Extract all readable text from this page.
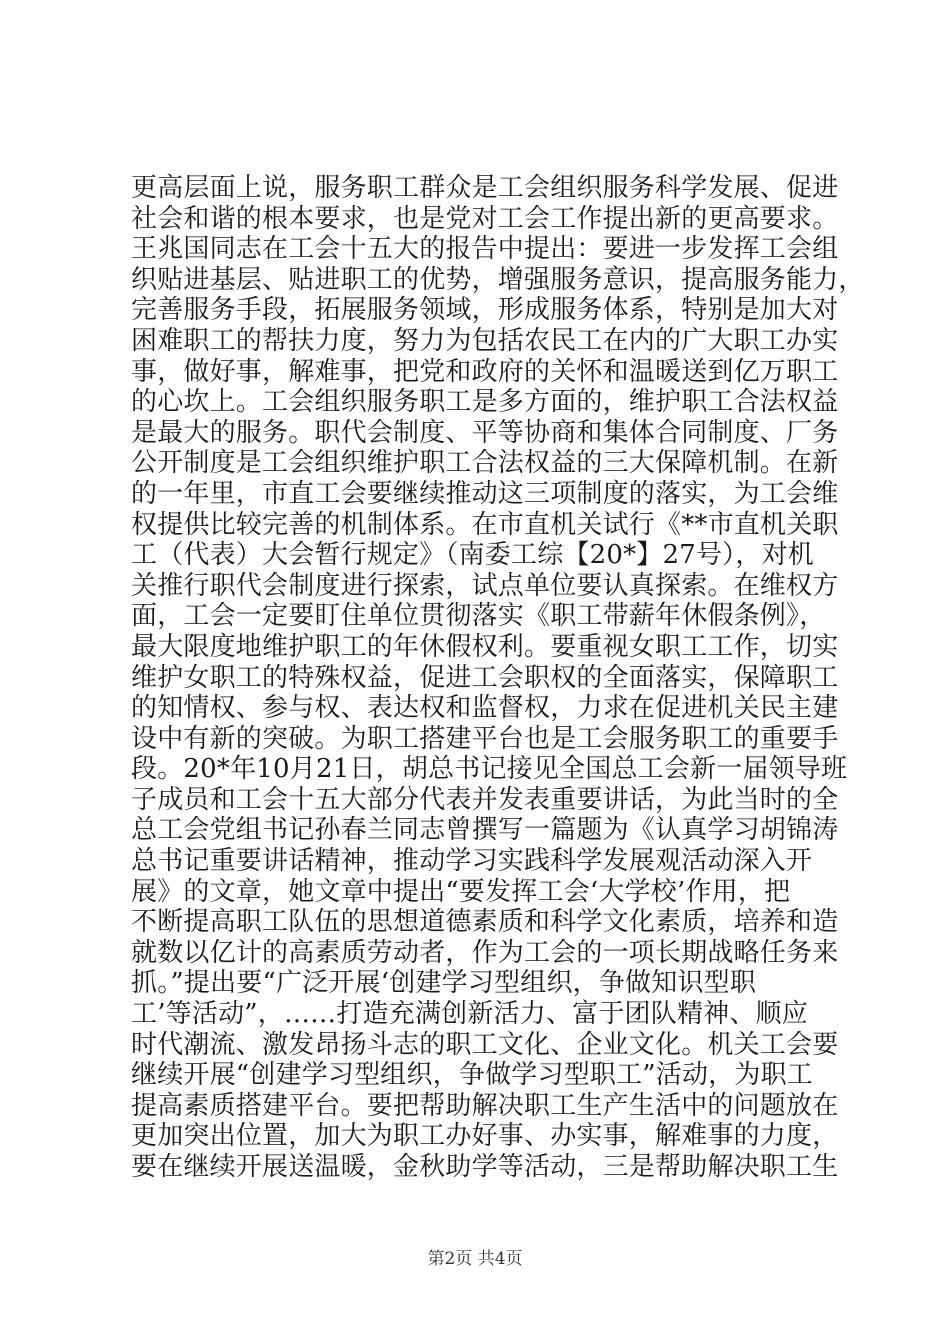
更高层面上说，服务职工群众是工会组织服务科学发展、促进
社会和谐的根本要求，也是党对工会工作提出新的更高要求。
王兆国同志在工会十五大的报告中提出：要进一步发挥工会组
织贴进基层、贴进职工的优势，增强服务意识，提高服务能力，
完善服务手段，拓展服务领域，形成服务体系，特别是加大对
困难职工的帮扶力度，努力为包括农民工在内的广大职工办实
事，做好事，解难事，把党和政府的关怀和温暖送到亿万职工
的心坎上。工会组织服务职工是多方面的，维护职工合法权益
是最大的服务。职代会制度、平等协商和集体合同制度、厂务
公开制度是工会组织维护职工合法权益的三大保障机制。在新
的一年里，市直工会要继续推动这三项制度的落实，为工会维
权提供比较完善的机制体系。在市直机关试行《**市直机关职
工（代表）大会暂行规定》（南委工综【20*】27号），对机
关推行职代会制度进行探索，试点单位要认真探索。在维权方
面，工会一定要盯住单位贯彻落实《职工带薪年休假条例》，
最大限度地维护职工的年休假权利。要重视女职工工作，切实
维护女职工的特殊权益，促进工会职权的全面落实，保障职工
的知情权、参与权、表达权和监督权，力求在促进机关民主建
设中有新的突破。为职工搭建平台也是工会服务职工的重要手
段。20*年10月21日，胡总书记接见全国总工会新一届领导班
子成员和工会十五大部分代表并发表重要讲话，为此当时的全
总工会党组书记孙春兰同志曾撰写一篇题为《认真学习胡锦涛
总书记重要讲话精神，推动学习实践科学发展观活动深入开
展》的文章，她文章中提出“要发挥工会‘大学校’作用，把
不断提高职工队伍的思想道德素质和科学文化素质，培养和造
就数以亿计的高素质劳动者，作为工会的一项长期战略任务来
抓。”提出要“广泛开展‘创建学习型组织，争做知识型职
工’等活动”，……打造充满创新活力、富于团队精神、顺应
时代潮流、激发昂扬斗志的职工文化、企业文化。机关工会要
继续开展“创建学习型组织，争做学习型职工”活动，为职工
提高素质搭建平台。要把帮助解决职工生产生活中的问题放在
更加突出位置，加大为职工办好事、办实事，解难事的力度，
要在继续开展送温暖，金秋助学等活动，三是帮助解决职工生
第2页 共4页
